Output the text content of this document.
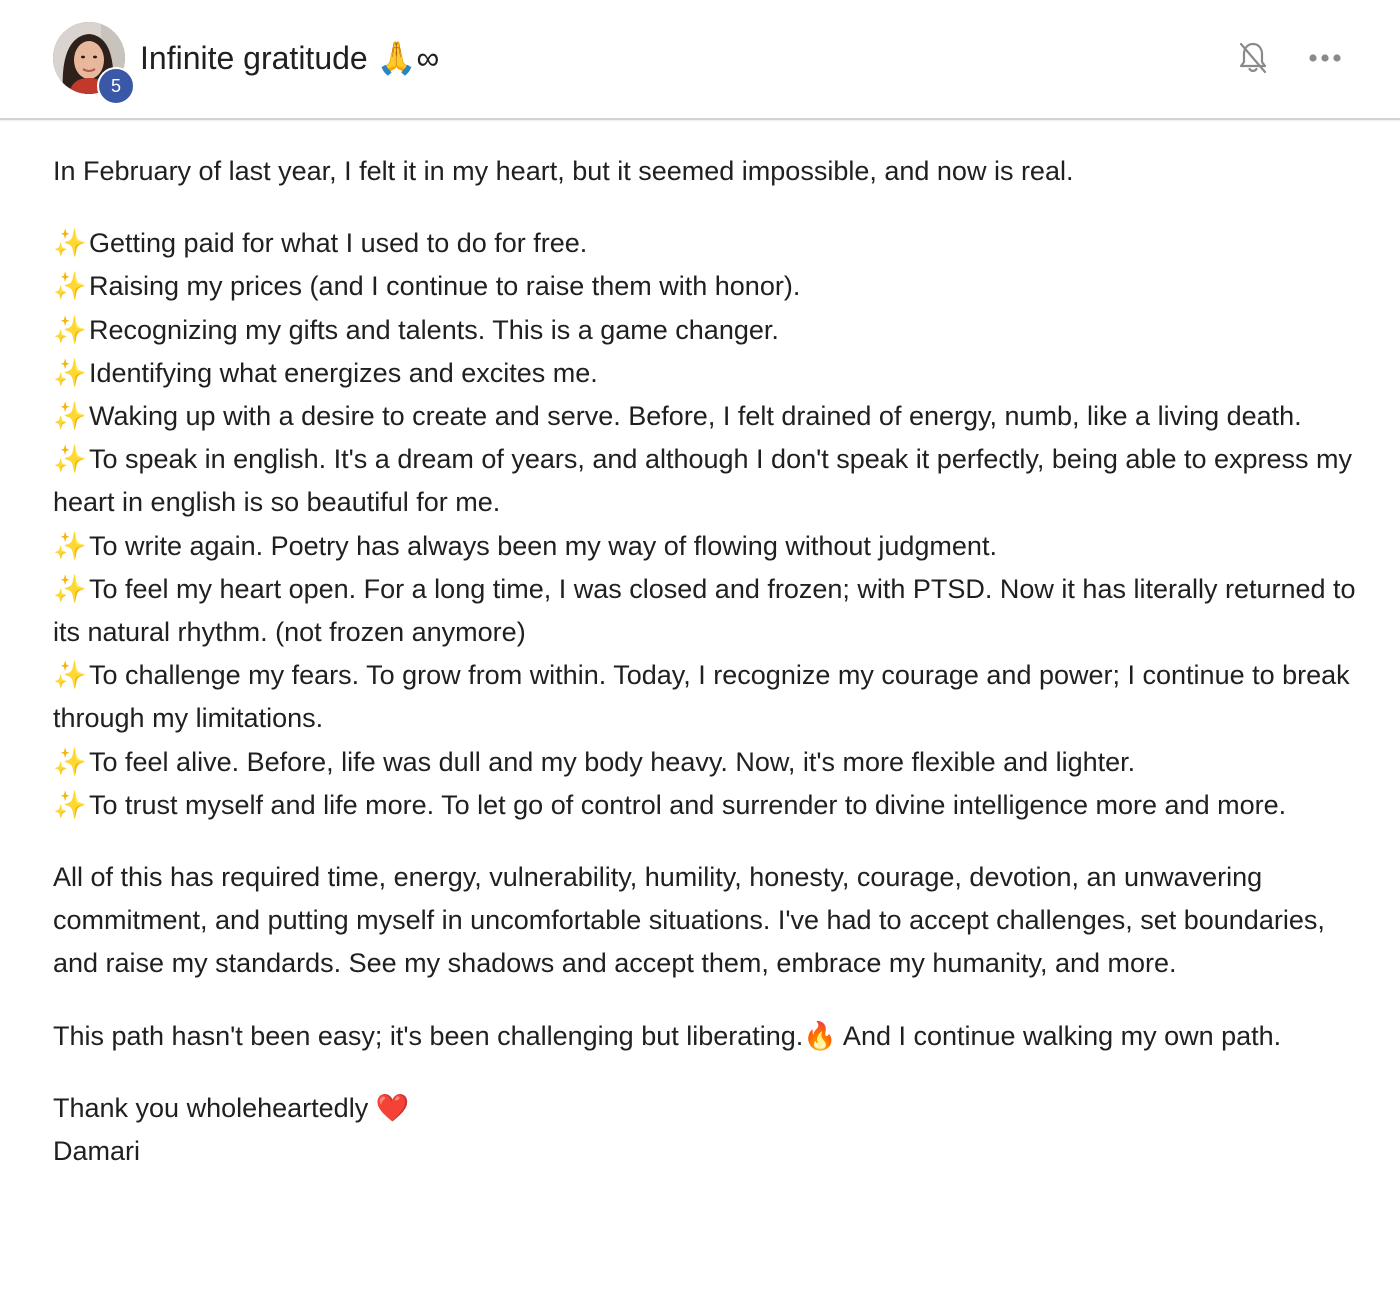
5
Infinite gratitude 🙏∞

In February of last year, I felt it in my heart, but it seemed impossible, and now is real.

✨Getting paid for what I used to do for free.

✨Raising my prices (and I continue to raise them with honor).

✨Recognizing my gifts and talents. This is a game changer.

✨Identifying what energizes and excites me.

✨Waking up with a desire to create and serve. Before, I felt drained of energy, numb, like a living death.

✨To speak in english. It's a dream of years, and although I don't speak it perfectly, being able to express my heart in english is so beautiful for me.

✨To write again. Poetry has always been my way of flowing without judgment.

✨To feel my heart open. For a long time, I was closed and frozen; with PTSD. Now it has literally returned to its natural rhythm. (not frozen anymore)

✨To challenge my fears. To grow from within. Today, I recognize my courage and power; I continue to break through my limitations.

✨To feel alive. Before, life was dull and my body heavy. Now, it's more flexible and lighter.

✨To trust myself and life more. To let go of control and surrender to divine intelligence more and more.

All of this has required time, energy, vulnerability, humility, honesty, courage, devotion, an unwavering commitment, and putting myself in uncomfortable situations. I've had to accept challenges, set boundaries, and raise my standards. See my shadows and accept them, embrace my humanity, and more.

This path hasn't been easy; it's been challenging but liberating.🔥 And I continue walking my own path.

Thank you wholeheartedly ❤️

Damari
